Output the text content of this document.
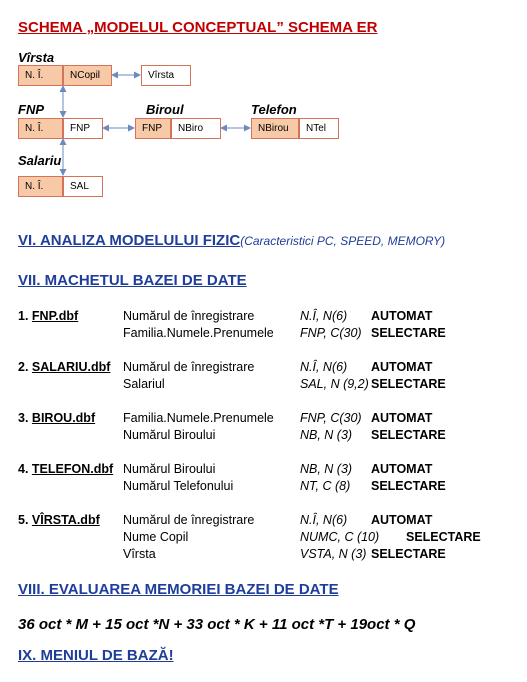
SCHEMA „MODELUL CONCEPTUAL” SCHEMA ER
Vîrsta
N. Î.	NCopil	Vîrsta
FNP
N. Î.	FNP
Biroul
FNP NBiro
Telefon
NBirou NTel
Salariu
N. Î.	SAL
VI. ANALIZA MODELULUI FIZIC(Caracteristici PC, SPEED, MEMORY)
VII. MACHETUL BAZEI DE DATE
1. FNP.dbf	Numărul de înregistrare	N.Î, N(6) AUTOMAT
Familia.Numele.Prenumele FNP, C(30) SELECTARE
2. SALARIU.dbf Numărul de înregistrare	N.Î, N(6) AUTOMAT
Salariul	SAL, N (9,2) SELECTARE
3. BIROU.dbf Familia.Numele.Prenumele FNP, C(30) AUTOMAT
Numărul Biroului	NB, N (3) SELECTARE
4. TELEFON.dbf Numărul Biroului	NB, N (3) AUTOMAT
Numărul Telefonului	NT, C (8) SELECTARE
5. VÎRSTA.dbf Numărul de înregistrare	N.Î, N(6) AUTOMAT
Nume Copil	NUMC, C (10) SELECTARE
Vîrsta	VSTA, N (3) SELECTARE
VIII. EVALUAREA MEMORIEI BAZEI DE DATE
36 oct * M + 15 oct *N + 33 oct * K + 11 oct *T + 19oct * Q
IX. MENIUL DE BAZĂ!
